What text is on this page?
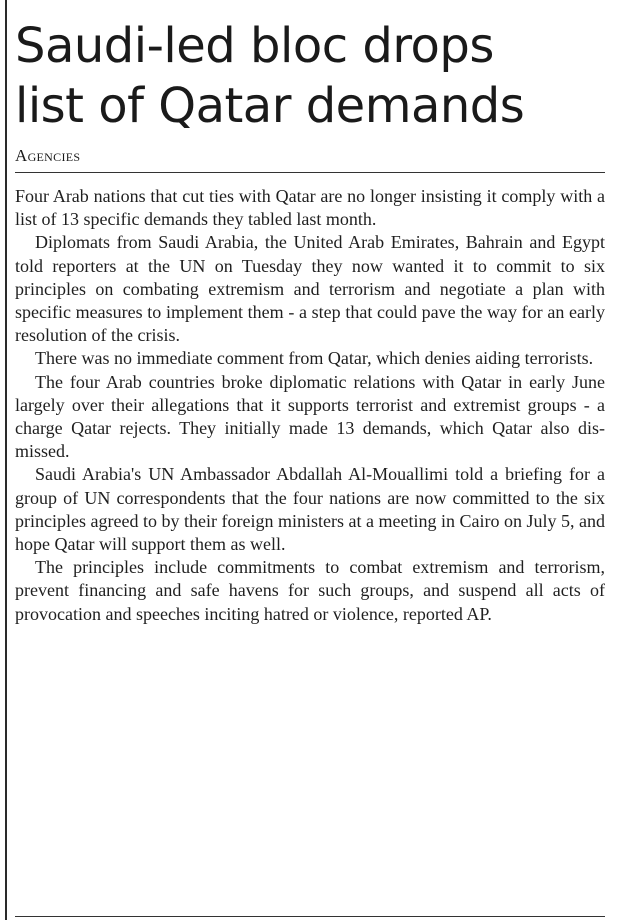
Saudi-led bloc drops
list of Qatar demands
Agencies

Four Arab nations that cut ties with Qatar are no longer insisting it comply with a list of 13 specific demands they tabled last month.

Diplomats from Saudi Arabia, the United Arab Emirates, Bahrain and Egypt told reporters at the UN on Tuesday they now wanted it to commit to six principles on combating extremism and terrorism and negotiate a plan with specific measures to implement them - a step that could pave the way for an early resolution of the crisis.

There was no immediate comment from Qatar, which denies aiding terrorists.

The four Arab countries broke diplomatic relations with Qatar in early June largely over their allegations that it supports terrorist and extremist groups - a charge Qatar rejects. They initially made 13 demands, which Qatar also dismissed.

Saudi Arabia's UN Ambassador Abdallah Al-Mouallimi told a briefing for a group of UN correspondents that the four nations are now committed to the six principles agreed to by their foreign ministers at a meeting in Cairo on July 5, and hope Qatar will support them as well.

The principles include commitments to combat extremism and terrorism, prevent financing and safe havens for such groups, and suspend all acts of provocation and speeches inciting hatred or violence, reported AP.
